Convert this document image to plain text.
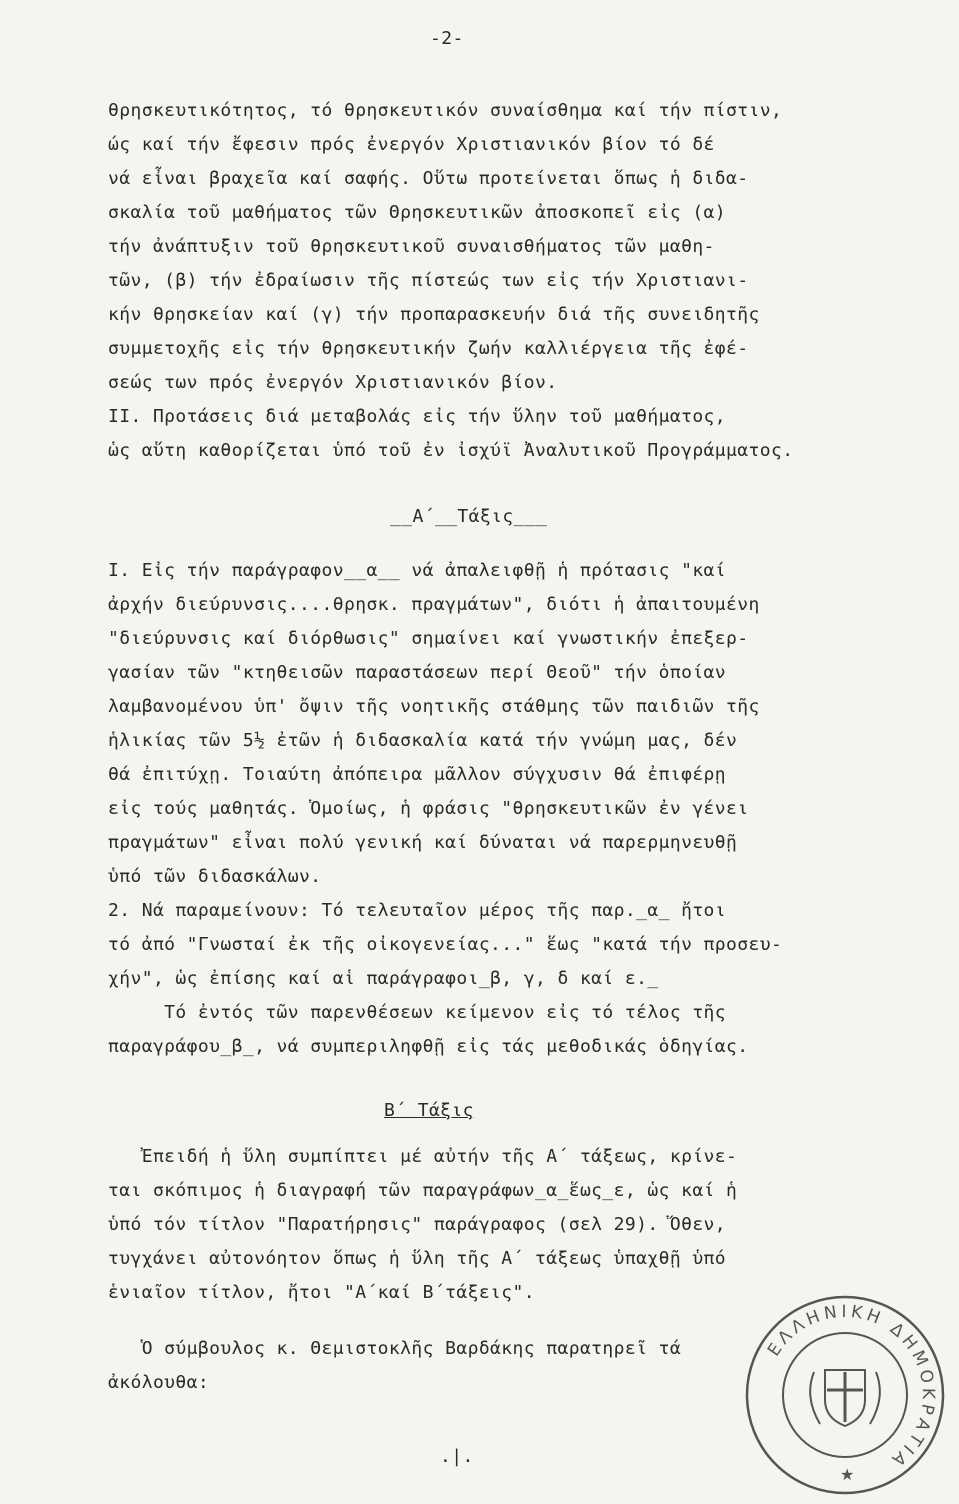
-2-
θρησκευτικότητος, τό θρησκευτικόν συναίσθημα καί τήν πίστιν,
ώς καί τήν ἔφεσιν πρός ἐνεργόν Χριστιανικόν βίον τό δέ
νά εἶναι βραχεῖα καί σαφής. Οὕτω προτείνεται ὅπως ἡ διδα-
σκαλία τοῦ μαθήματος τῶν Θρησκευτικῶν ἀποσκοπεῖ εἰς (α)
τήν ἀνάπτυξιν τοῦ θρησκευτικοῦ συναισθήματος τῶν μαθη-
τῶν, (β) τήν ἐδραίωσιν τῆς πίστεώς των εἰς τήν Χριστιανι-
κήν θρησκείαν καί (γ) τήν προπαρασκευήν διά τῆς συνειδητῆς
συμμετοχῆς εἰς τήν θρησκευτικήν ζωήν καλλιέργεια τῆς ἐφέ-
σεώς των πρός ἐνεργόν Χριστιανικόν βίον.
ΙΙ. Προτάσεις διά μεταβολάς εἰς τήν ὕλην τοῦ μαθήματος,
ὡς αὕτη καθορίζεται ὑπό τοῦ ἐν ἰσχύϊ Ἀναλυτικοῦ Προγράμματος.
__Α΄__Τάξις___
Ι. Εἰς τήν παράγραφον__α__ νά ἀπαλειφθῇ ἡ πρότασις "καί
ἀρχήν διεύρυνσις....θρησκ. πραγμάτων", διότι ἡ ἀπαιτουμένη
"διεύρυνσις καί διόρθωσις" σημαίνει καί γνωστικήν ἐπεξερ-
γασίαν τῶν "κτηθεισῶν παραστάσεων περί Θεοῦ" τήν ὁποίαν
λαμβανομένου ὑπ' ὄψιν τῆς νοητικῆς στάθμης τῶν παιδιῶν τῆς
ἡλικίας τῶν 5½ ἐτῶν ἡ διδασκαλία κατά τήν γνώμη μας, δέν
θά ἐπιτύχῃ. Τοιαύτη ἀπόπειρα μᾶλλον σύγχυσιν θά ἐπιφέρῃ
εἰς τούς μαθητάς. Ὁμοίως, ἡ φράσις "θρησκευτικῶν ἐν γένει
πραγμάτων" εἶναι πολύ γενική καί δύναται νά παρερμηνευθῇ
ὑπό τῶν διδασκάλων.
2. Νά παραμείνουν: Τό τελευταῖον μέρος τῆς παρ._α_ ἤτοι
τό ἀπό "Γνωσταί ἐκ τῆς οἰκογενείας..." ἕως "κατά τήν προσευ-
χήν", ὡς ἐπίσης καί αἱ παράγραφοι_β, γ, δ καί ε._
Τό ἐντός τῶν παρενθέσεων κείμενον εἰς τό τέλος τῆς
παραγράφου_β_, νά συμπεριληφθῇ εἰς τάς μεθοδικάς ὁδηγίας.
Β΄ Τάξις
Ἐπειδή ἡ ὕλη συμπίπτει μέ αὐτήν τῆς Α΄ τάξεως, κρίνε-
ται σκόπιμος ἡ διαγραφή τῶν παραγράφων_α_ἕως_ε, ὡς καί ἡ
ὑπό τόν τίτλον "Παρατήρησις" παράγραφος (σελ 29). Ὅθεν,
τυγχάνει αὐτονόητον ὅπως ἡ ὕλη τῆς Α΄ τάξεως ὑπαχθῇ ὑπό
ἑνιαῖον τίτλον, ἤτοι "Α΄καί Β΄τάξεις".
Ὁ σύμβουλος κ. Θεμιστοκλῆς Βαρδάκης παρατηρεῖ τά
ἀκόλουθα:
.|.
ΕΛΛΗΝΙΚΗ ΔΗΜΟΚΡΑΤΙΑ
★
